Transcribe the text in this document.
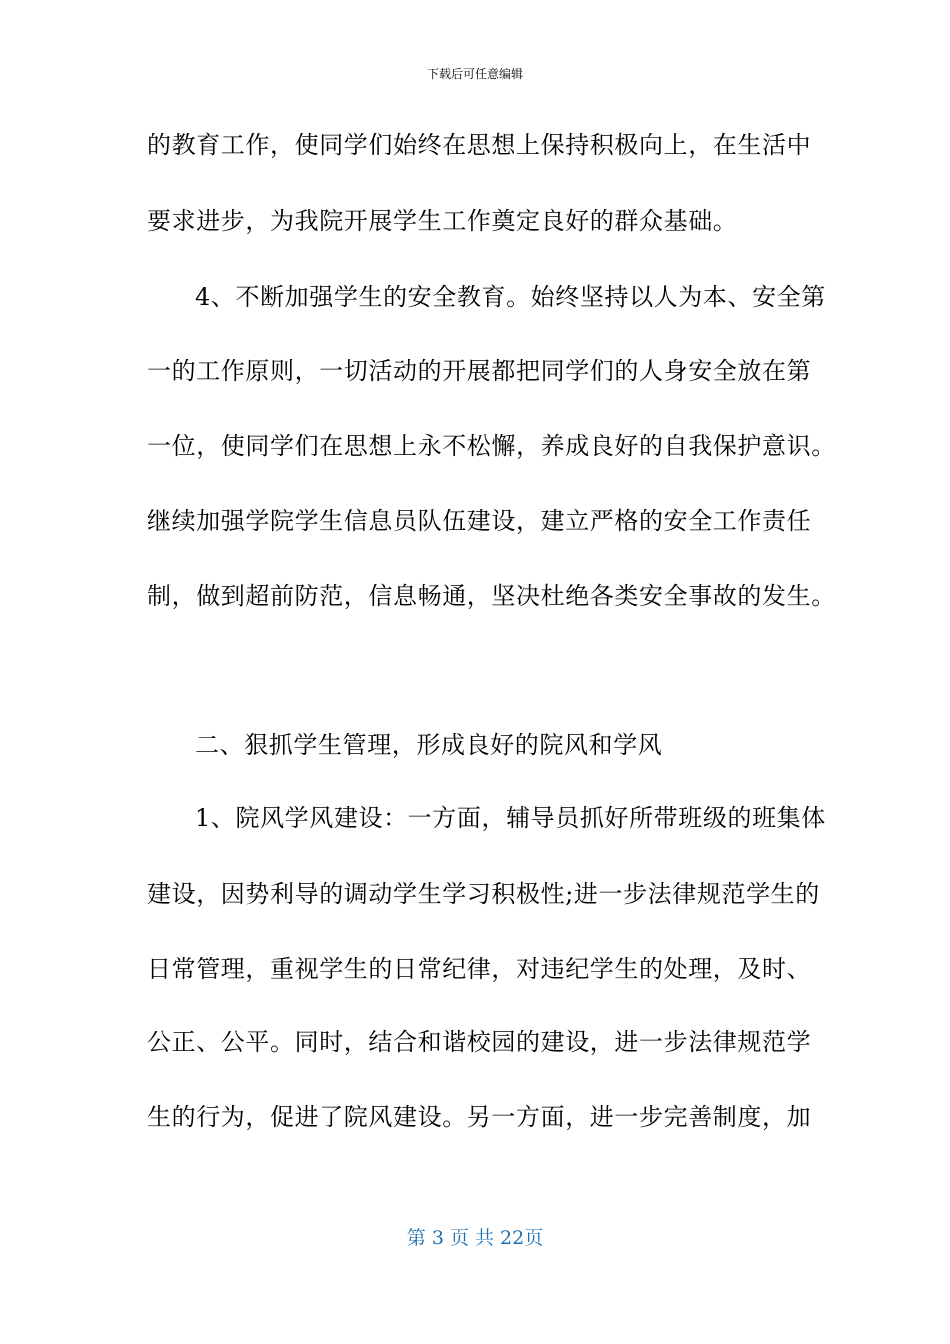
下载后可任意编辑
的教育工作，使同学们始终在思想上保持积极向上，在生活中
要求进步，为我院开展学生工作奠定良好的群众基础。
4、不断加强学生的安全教育。始终坚持以人为本、安全第
一的工作原则，一切活动的开展都把同学们的人身安全放在第
一位，使同学们在思想上永不松懈，养成良好的自我保护意识。
继续加强学院学生信息员队伍建设，建立严格的安全工作责任
制，做到超前防范，信息畅通，坚决杜绝各类安全事故的发生。
二、狠抓学生管理，形成良好的院风和学风
1、院风学风建设：一方面，辅导员抓好所带班级的班集体
建设，因势利导的调动学生学习积极性;进一步法律规范学生的
日常管理，重视学生的日常纪律，对违纪学生的处理，及时、
公正、公平。同时，结合和谐校园的建设，进一步法律规范学
生的行为，促进了院风建设。另一方面，进一步完善制度，加
第 3 页 共 22页
